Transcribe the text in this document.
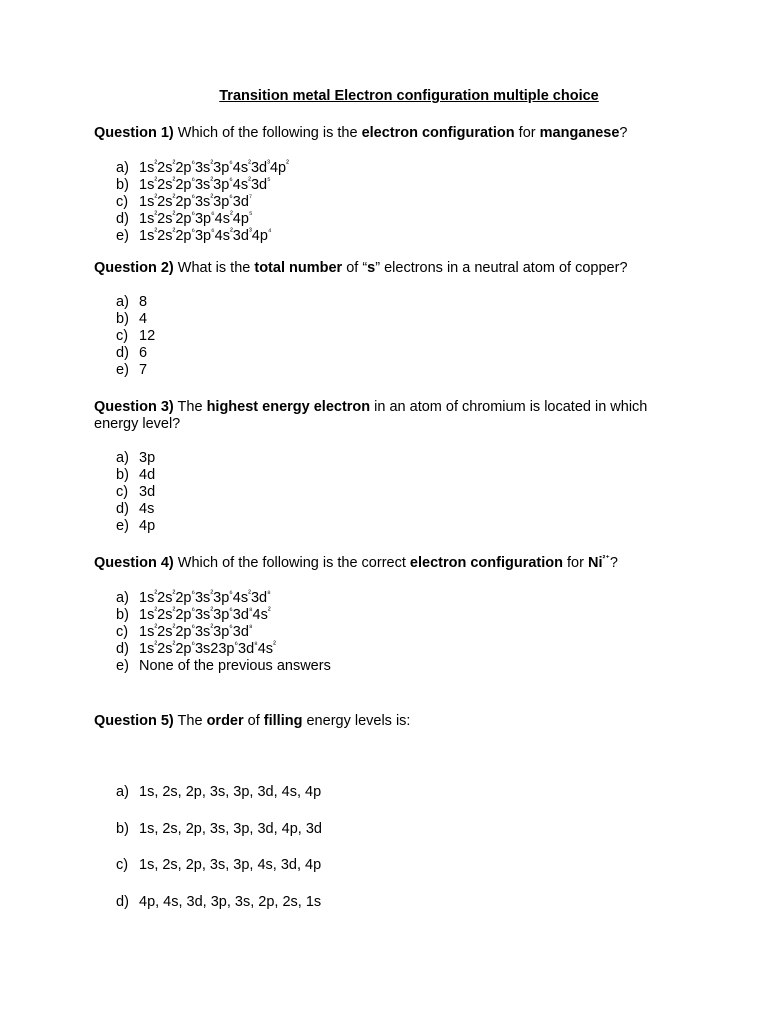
Transition metal Electron configuration multiple choice
Question 1) Which of the following is the electron configuration for manganese?
a) $1s^{^2}2s^{^2}2p^{^6}3s^{^2}3p^{^6}4s^{^2}3d^{^3}4p^{^2}$
b) $1s^{^2}2s^{^2}2p^{^6}3s^{^2}3p^{^6}4s^{^2}3d^{^5}$
c) $1s^{^2}2s^{^2}2p^{^6}3s^{^2}3p^{^6}3d^{^7}$
d) $1s^{^2}2s^{^2}2p^{^6}3p^{^6}4s^{^2}4p^{^5}$
e) $1s^{^2}2s^{^2}2p^{^6}3p^{^6}4s^{^2}3d^{^3}4p^{^4}$
Question 2) What is the total number of “s” electrons in a neutral atom of copper?
a) 8
b) 4
c) 12
d) 6
e) 7
Question 3) The highest energy electron in an atom of chromium is located in which energy level?
a) 3p
b) 4d
c) 3d
d) 4s
e) 4p
Question 4) Which of the following is the correct electron configuration for $Ni^{^2^+}$?
a) $1s^{^2}2s^{^2}2p^{^6}3s^{^2}3p^{^6}4s^{^2}3d^{^8}$
b) $1s^{^2}2s^{^2}2p^{^6}3s^{^2}3p^{^6}3d^{^8}4s^{^2}$
c) $1s^{^2}2s^{^2}2p^{^6}3s^{^2}3p^{^6}3d^{^8}$
d) $1s^{^2}2s^{^2}2p^{^6}3s23p^{^6}3d^{^8}4s^{^2}$
e) None of the previous answers
Question 5) The order of filling energy levels is:
a) 1s, 2s, 2p, 3s, 3p, 3d, 4s, 4p
b) 1s, 2s, 2p, 3s, 3p, 3d, 4p, 3d
c) 1s, 2s, 2p, 3s, 3p, 4s, 3d, 4p
d) 4p, 4s, 3d, 3p, 3s, 2p, 2s, 1s
